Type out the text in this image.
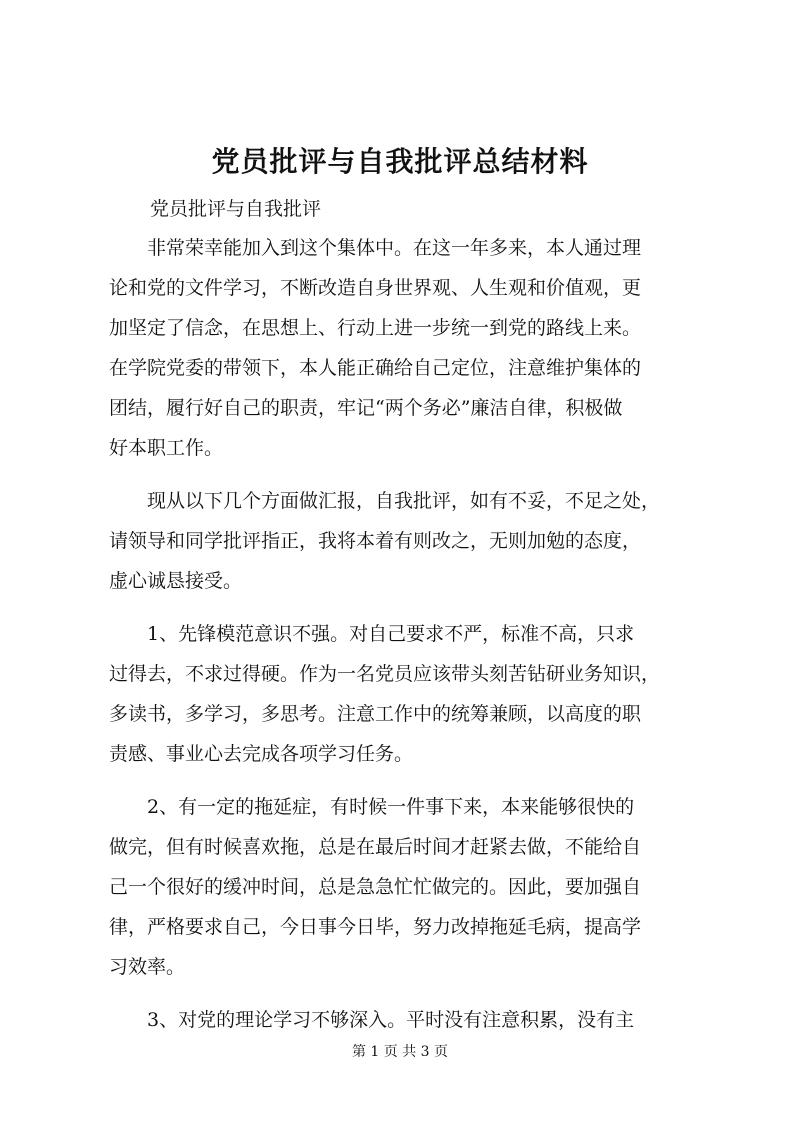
党员批评与自我批评总结材料
党员批评与自我批评
　　非常荣幸能加入到这个集体中。在这一年多来，本人通过理
论和党的文件学习，不断改造自身世界观、人生观和价值观，更
加坚定了信念，在思想上、行动上进一步统一到党的路线上来。
在学院党委的带领下，本人能正确给自己定位，注意维护集体的
团结，履行好自己的职责，牢记“两个务必”廉洁自律，积极做
好本职工作。
　　现从以下几个方面做汇报，自我批评，如有不妥，不足之处，
请领导和同学批评指正，我将本着有则改之，无则加勉的态度，
虚心诚恳接受。
　　1、先锋模范意识不强。对自己要求不严，标准不高，只求
过得去，不求过得硬。作为一名党员应该带头刻苦钻研业务知识，
多读书，多学习，多思考。注意工作中的统筹兼顾，以高度的职
责感、事业心去完成各项学习任务。
　　2、有一定的拖延症，有时候一件事下来，本来能够很快的
做完，但有时候喜欢拖，总是在最后时间才赶紧去做，不能给自
己一个很好的缓冲时间，总是急急忙忙做完的。因此，要加强自
律，严格要求自己，今日事今日毕，努力改掉拖延毛病，提高学
习效率。
　　3、对党的理论学习不够深入。平时没有注意积累，没有主
第 1 页 共 3 页
